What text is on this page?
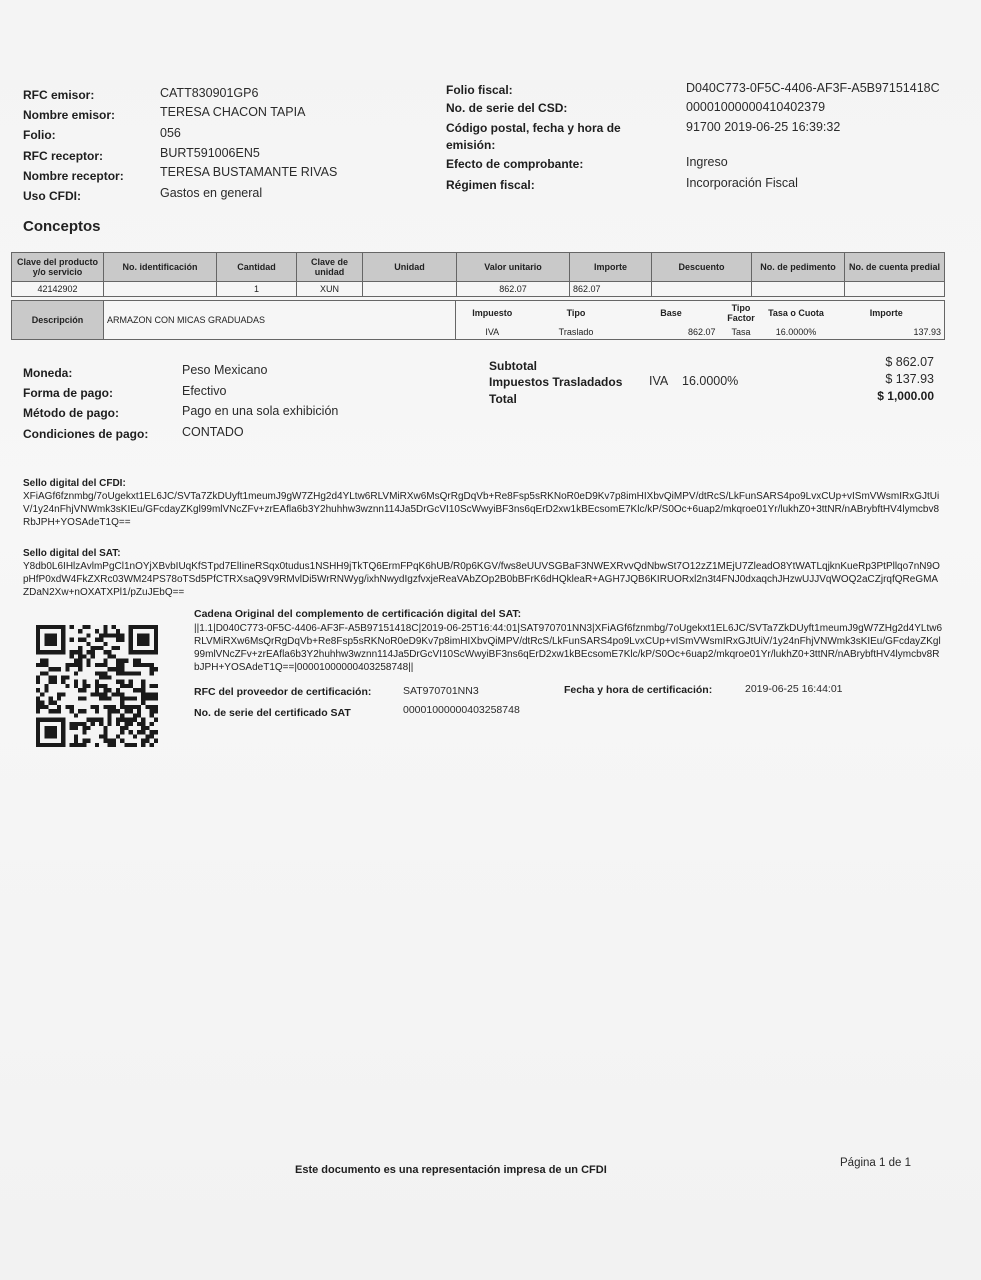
RFC emisor:	CATT830901GP6
Nombre emisor:	TERESA CHACON TAPIA
Folio:	056
RFC receptor:	BURT591006EN5
Nombre receptor:	TERESA BUSTAMANTE RIVAS
Uso CFDI:	Gastos en general
Folio fiscal:	D040C773-0F5C-4406-AF3F-A5B97151418C
No. de serie del CSD:	00001000000410402379
Código postal, fecha y hora de
emisión:
91700 2019-06-25 16:39:32
Efecto de comprobante:	Ingreso
Régimen fiscal:	Incorporación Fiscal
Conceptos
Clave del producto y/o servicio	No. identificación	Cantidad	Clave de unidad	Unidad	Valor unitario	Importe	Descuento	No. de pedimento	No. de cuenta predial
42142902		1	XUN		862.07	862.07			
Descripción	ARMAZON CON MICAS GRADUADAS	Impuesto	Tipo	Base	Tipo Factor	Tasa o Cuota	Importe
		IVA	Traslado	862.07	Tasa	16.0000%	137.93
Moneda:	Peso Mexicano
Forma de pago:	Efectivo
Método de pago:	Pago en una sola exhibición
Condiciones de pago:	CONTADO
Subtotal	$ 862.07
Impuestos Trasladados IVA 16.0000%	$ 137.93
Total	$ 1,000.00
Sello digital del CFDI:
XFiAGf6fznmbg/7oUgekxt1EL6JC/SVTa7ZkDUyft1meumJ9gW7ZHg2d4YLtw6RLVMiRXw6MsQrRgDqVb+Re8Fsp5sRKNoR0eD9Kv7p8imHIXbvQiMPV/dtRcS/LkFunSARS4po9LvxCUp+vISmVWsmIRxGJtUiV/1y24nFhjVNWmk3sKIEu/GFcdayZKgl99mlVNcZFv+zrEAfla6b3Y2huhhw3wznn114Ja5DrGcVI10ScWwyiBF3ns6qErD2xw1kBEcsomE7Klc/kP/S0Oc+6uap2/mkqroe01Yr/lukhZ0+3ttNR/nABrybftHV4lymcbv8RbJPH+YOSAdeT1Q==
Sello digital del SAT:
Y8db0L6IHlzAvlmPgCl1nOYjXBvbIUqKfSTpd7ElIineRSqx0tudus1NSHH9jTkTQ6ErmFPqK6hUB/R0p6KGV/fws8eUUVSGBaF3NWEXRvvQdNbwSt7O12zZ1MEjU7ZleadO8YtWATLqjknKueRp3PtPllqo7nN9OpHfP0xdW4FkZXRc03WM24PS78oTSd5PfCTRXsaQ9V9RMvlDi5WrRNWyg/ixhNwydIgzfvxjeReaVAbZOp2B0bBFrK6dHQkleaR+AGH7JQB6KIRUORxl2n3t4FNJ0dxaqchJHzwUJJVqWOQ2aCZjrqfQReGMAZDaN2Xw+nOXATXPl1/pZuJEbQ==
Cadena Original del complemento de certificación digital del SAT:
||1.1|D040C773-0F5C-4406-AF3F-A5B97151418C|2019-06-25T16:44:01|SAT970701NN3|XFiAGf6fznmbg/7oUgekxt1EL6JC/SVTa7ZkDUyft1meumJ9gW7ZHg2d4YLtw6RLVMiRXw6MsQrRgDqVb+Re8Fsp5sRKNoR0eD9Kv7p8imHIXbvQiMPV/dtRcS/LkFunSARS4po9LvxCUp+vISmVWsmIRxGJtUiV/1y24nFhjVNWmk3sKIEu/GFcdayZKgl99mlVNcZFv+zrEAfla6b3Y2huhhw3wznn114Ja5DrGcVI10ScWwyiBF3ns6qErD2xw1kBEcsomE7Klc/kP/S0Oc+6uap2/mkqroe01Yr/lukhZ0+3ttNR/nABrybftHV4lymcbv8RbJPH+YOSAdeT1Q==|00001000000403258748||
RFC del proveedor de certificación:	SAT970701NN3	Fecha y hora de certificación:	2019-06-25 16:44:01
No. de serie del certificado SAT	00001000000403258748
Este documento es una representación impresa de un CFDI
Página 1 de 1
